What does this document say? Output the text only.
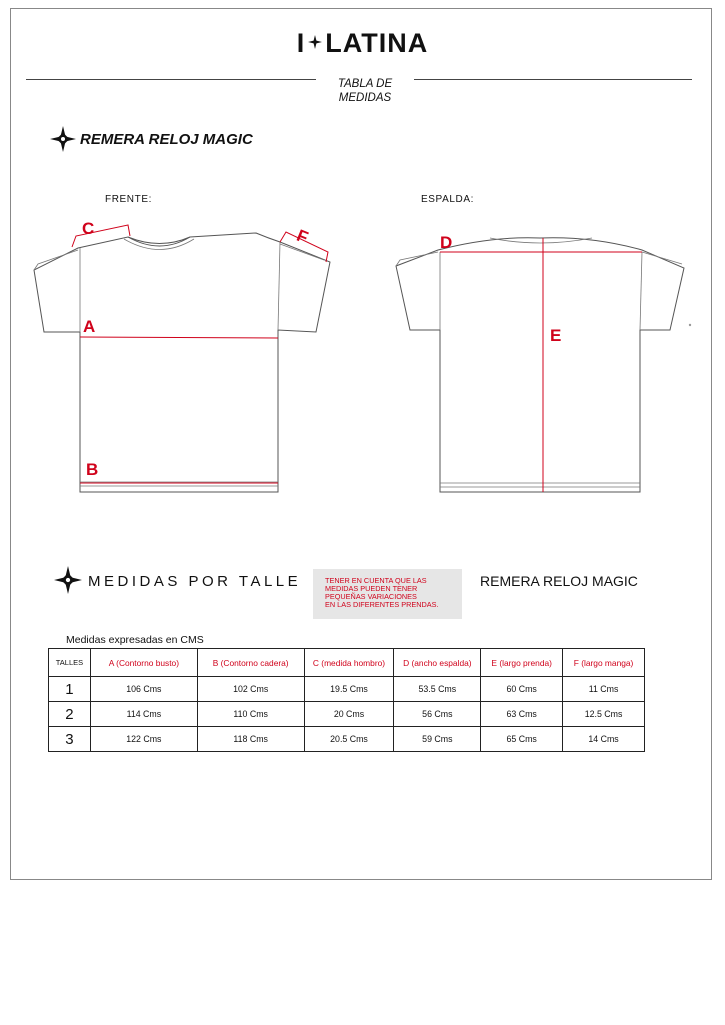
I LATINA
TABLA DE
MEDIDAS
REMERA RELOJ MAGIC
FRENTE:	ESPALDA:
C	F
A
B
D
E
MEDIDAS POR TALLE	TENER EN CUENTA QUE LAS
MEDIDAS PUEDEN TENER
PEQUEÑAS VARIACIONES
EN LAS DIFERENTES PRENDAS.
REMERA RELOJ MAGIC
Medidas expresadas en CMS
TALLES	A (Contorno busto)	B (Contorno cadera)	C (medida hombro)	D (ancho espalda)	E (largo prenda)	F (largo manga)
1	106 Cms	102 Cms	19.5 Cms	53.5 Cms	60 Cms	11 Cms
2	114 Cms	110 Cms	20 Cms	56 Cms	63 Cms	12.5 Cms
3	122 Cms	118 Cms	20.5 Cms	59 Cms	65 Cms	14 Cms
